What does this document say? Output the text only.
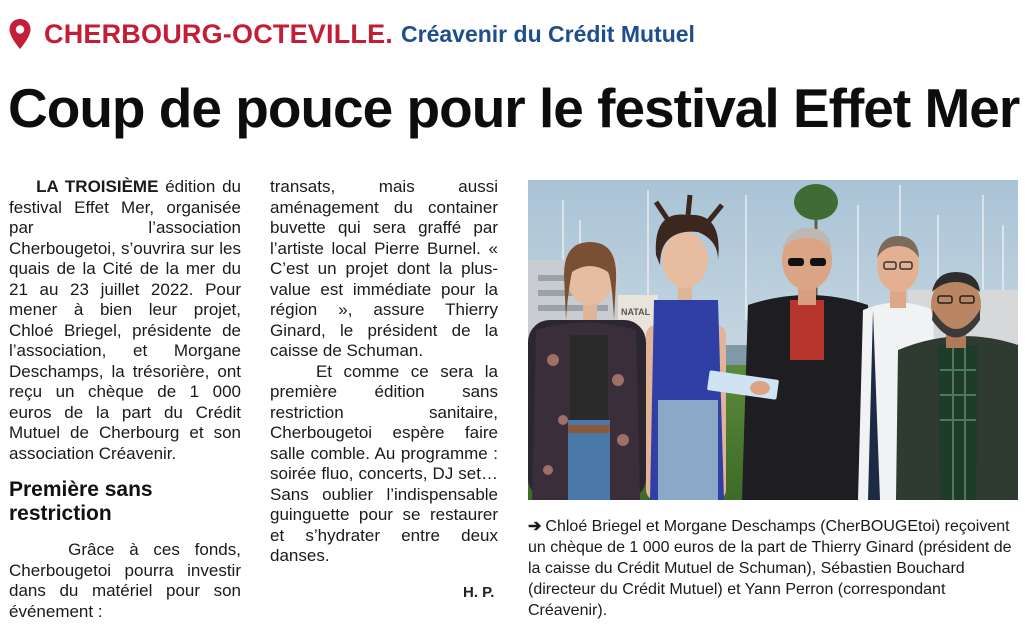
CHERBOURG-OCTEVILLE. Créavenir du Crédit Mutuel
Coup de pouce pour le festival Effet Mer

LA TROISIÈME édition du festival Effet Mer, organisée par l’association Cherbougetoi, s’ouvrira sur les quais de la Cité de la mer du 21 au 23 juillet 2022. Pour mener à bien leur projet, Chloé Briegel, présidente de l’association, et Morgane Deschamps, la trésorière, ont reçu un chèque de 1 000 euros de la part du Crédit Mutuel de Cherbourg et son association Créavenir.

Première sans restriction

Grâce à ces fonds, Cherbougetoi pourra investir dans du matériel pour son événement :

transats, mais aussi aménagement du container buvette qui sera graffé par l’artiste local Pierre Burnel. « C’est un projet dont la plus-value est immédiate pour la région », assure Thierry Ginard, le président de la caisse de Schuman.

Et comme ce sera la première édition sans restriction sanitaire, Cherbougetoi espère faire salle comble. Au programme : soirée fluo, concerts, DJ set… Sans oublier l’indispensable guinguette pour se restaurer et s’hydrater entre deux danses.

H. P.
NATAL
➔ Chloé Briegel et Morgane Deschamps (CherBOUGEtoi) reçoivent un chèque de 1 000 euros de la part de Thierry Ginard (président de la caisse du Crédit Mutuel de Schuman), Sébastien Bouchard (directeur du Crédit Mutuel) et Yann Perron (correspondant Créavenir).
